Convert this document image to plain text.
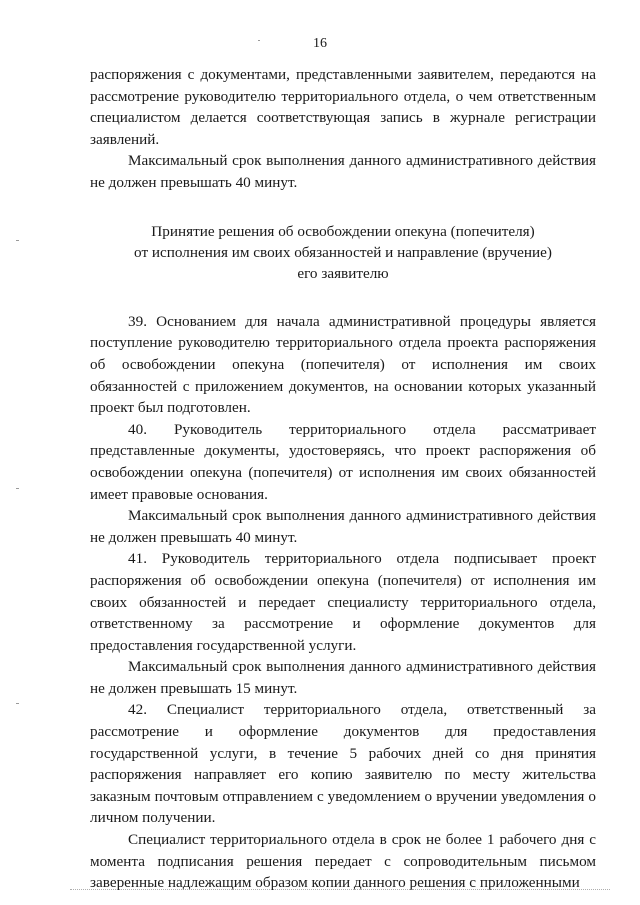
16

распоряжения с документами, представленными заявителем, передаются на рассмотрение руководителю территориального отдела, о чем ответственным специалистом делается соответствующая запись в журнале регистрации заявлений.

Максимальный срок выполнения данного административного действия не должен превышать 40 минут.

Принятие решения об освобождении опекуна (попечителя)
от исполнения им своих обязанностей и направление (вручение)
его заявителю

39. Основанием для начала административной процедуры является поступление руководителю территориального отдела проекта распоряжения об освобождении опекуна (попечителя) от исполнения им своих обязанностей с приложением документов, на основании которых указанный проект был подготовлен.

40. Руководитель территориального отдела рассматривает представленные документы, удостоверяясь, что проект распоряжения об освобождении опекуна (попечителя) от исполнения им своих обязанностей имеет правовые основания.

Максимальный срок выполнения данного административного действия не должен превышать 40 минут.

41. Руководитель территориального отдела подписывает проект распоряжения об освобождении опекуна (попечителя) от исполнения им своих обязанностей и передает специалисту территориального отдела, ответственному за рассмотрение и оформление документов для предоставления государственной услуги.

Максимальный срок выполнения данного административного действия не должен превышать 15 минут.

42. Специалист территориального отдела, ответственный за рассмотрение и оформление документов для предоставления государственной услуги, в течение 5 рабочих дней со дня принятия распоряжения направляет его копию заявителю по месту жительства заказным почтовым отправлением с уведомлением о вручении уведомления о личном получении.

Специалист территориального отдела в срок не более 1 рабочего дня с момента подписания решения передает с сопроводительным письмом заверенные надлежащим образом копии данного решения с приложенными
